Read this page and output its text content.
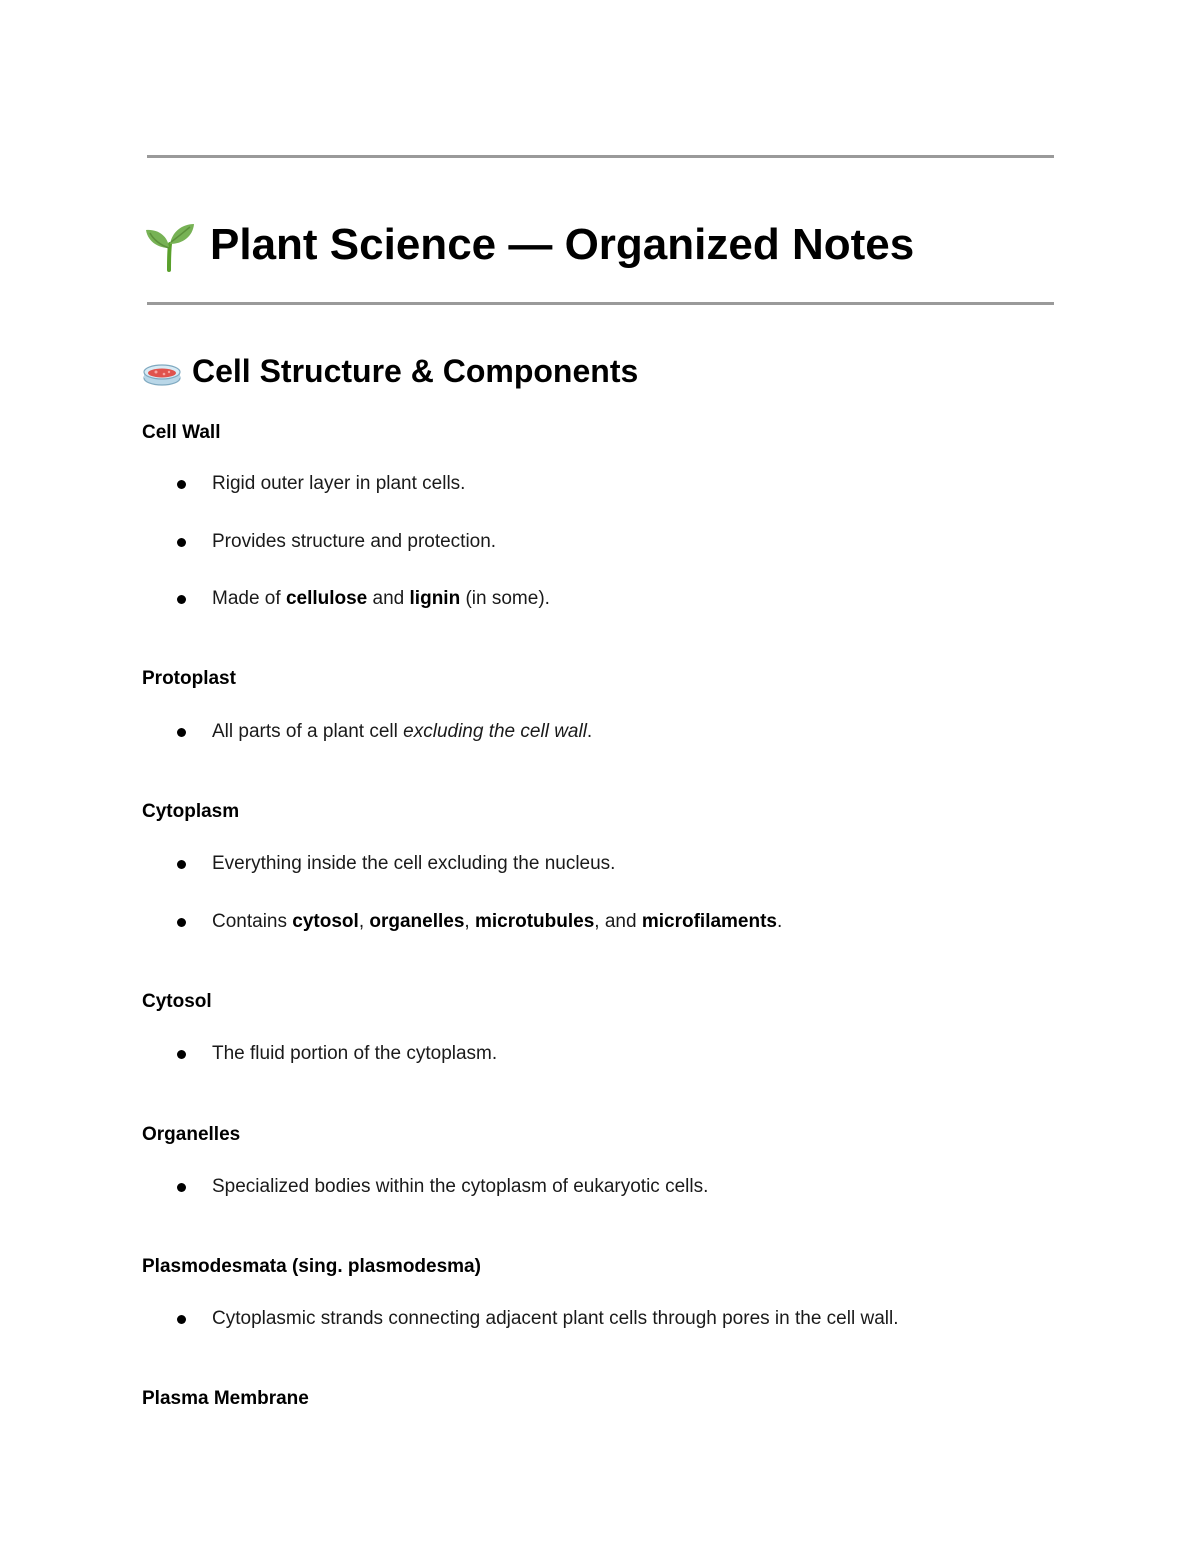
Plant Science — Organized Notes
Cell Structure & Components
Cell Wall
Rigid outer layer in plant cells.
Provides structure and protection.
Made of cellulose and lignin (in some).
Protoplast
All parts of a plant cell excluding the cell wall.
Cytoplasm
Everything inside the cell excluding the nucleus.
Contains cytosol, organelles, microtubules, and microfilaments.
Cytosol
The fluid portion of the cytoplasm.
Organelles
Specialized bodies within the cytoplasm of eukaryotic cells.
Plasmodesmata (sing. plasmodesma)
Cytoplasmic strands connecting adjacent plant cells through pores in the cell wall.
Plasma Membrane
